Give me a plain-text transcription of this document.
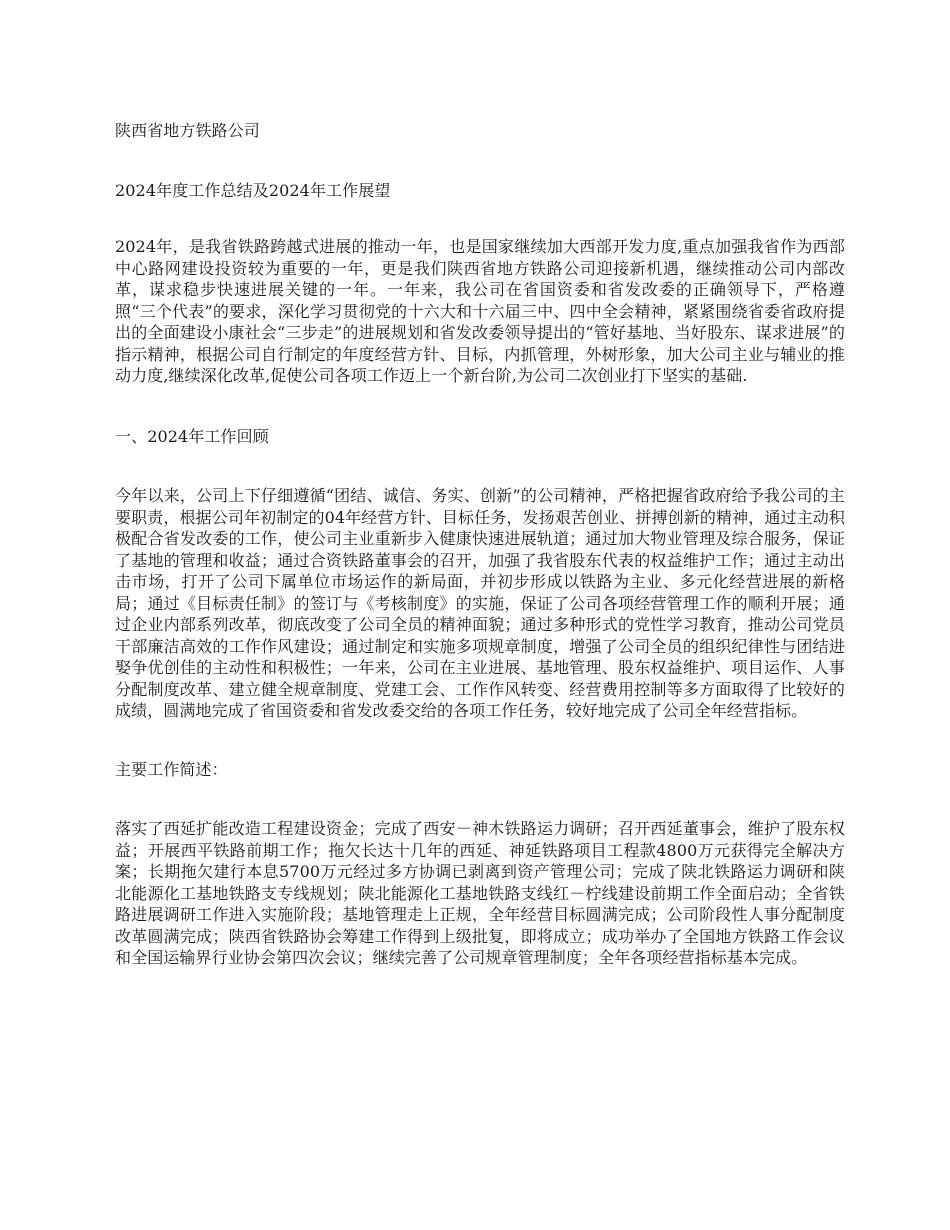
陕西省地方铁路公司

2024年度工作总结及2024年工作展望

2024年，是我省铁路跨越式进展的推动一年，也是国家继续加大西部开发力度,重点加强我省作为西部中心路网建设投资较为重要的一年，更是我们陕西省地方铁路公司迎接新机遇，继续推动公司内部改革，谋求稳步快速进展关键的一年。一年来，我公司在省国资委和省发改委的正确领导下，严格遵照“三个代表”的要求，深化学习贯彻党的十六大和十六届三中、四中全会精神，紧紧围绕省委省政府提出的全面建设小康社会“三步走”的进展规划和省发改委领导提出的“管好基地、当好股东、谋求进展”的指示精神，根据公司自行制定的年度经营方针、目标，内抓管理，外树形象，加大公司主业与辅业的推动力度,继续深化改革,促使公司各项工作迈上一个新台阶,为公司二次创业打下坚实的基础.

一、2024年工作回顾

今年以来，公司上下仔细遵循“团结、诚信、务实、创新”的公司精神，严格把握省政府给予我公司的主要职责，根据公司年初制定的04年经营方针、目标任务，发扬艰苦创业、拼搏创新的精神，通过主动积极配合省发改委的工作，使公司主业重新步入健康快速进展轨道；通过加大物业管理及综合服务，保证了基地的管理和收益；通过合资铁路董事会的召开，加强了我省股东代表的权益维护工作；通过主动出击市场，打开了公司下属单位市场运作的新局面，并初步形成以铁路为主业、多元化经营进展的新格局；通过《目标责任制》的签订与《考核制度》的实施，保证了公司各项经营管理工作的顺利开展；通过企业内部系列改革，彻底改变了公司全员的精神面貌；通过多种形式的党性学习教育，推动公司党员干部廉洁高效的工作作风建设；通过制定和实施多项规章制度，增强了公司全员的组织纪律性与团结进娶争优创佳的主动性和积极性；一年来，公司在主业进展、基地管理、股东权益维护、项目运作、人事分配制度改革、建立健全规章制度、党建工会、工作作风转变、经营费用控制等多方面取得了比较好的成绩，圆满地完成了省国资委和省发改委交给的各项工作任务，较好地完成了公司全年经营指标。

主要工作简述：

落实了西延扩能改造工程建设资金；完成了西安－神木铁路运力调研；召开西延董事会，维护了股东权益；开展西平铁路前期工作；拖欠长达十几年的西延、神延铁路项目工程款4800万元获得完全解决方案；长期拖欠建行本息5700万元经过多方协调已剥离到资产管理公司；完成了陕北铁路运力调研和陕北能源化工基地铁路支专线规划；陕北能源化工基地铁路支线红－柠线建设前期工作全面启动；全省铁路进展调研工作进入实施阶段；基地管理走上正规，全年经营目标圆满完成；公司阶段性人事分配制度改革圆满完成；陕西省铁路协会筹建工作得到上级批复，即将成立；成功举办了全国地方铁路工作会议和全国运输界行业协会第四次会议；继续完善了公司规章管理制度；全年各项经营指标基本完成。
